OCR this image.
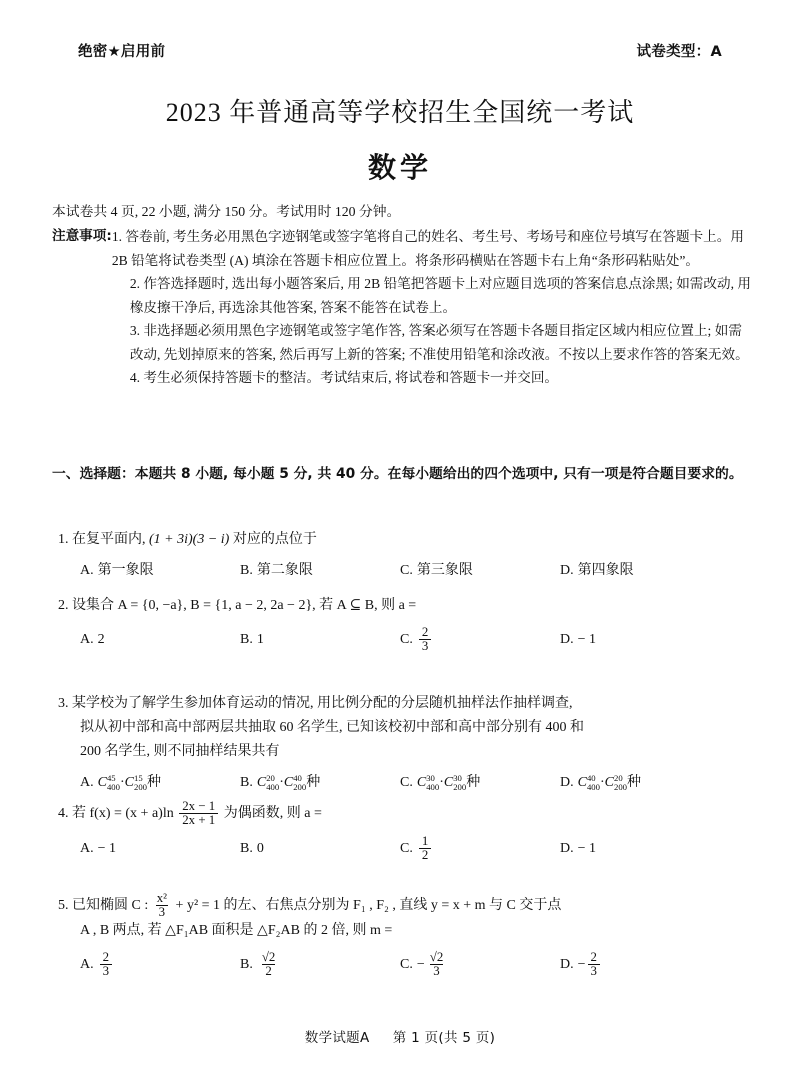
绝密★启用前	试卷类型：A
2023 年普通高等学校招生全国统一考试
数学
本试卷共 4 页, 22 小题, 满分 150 分。考试用时 120 分钟。
注意事项: 1. 答卷前, 考生务必用黑色字迹钢笔或签字笔将自己的姓名、考生号、考场号和座位号填写在答题卡上。用 2B 铅笔将试卷类型 (A) 填涂在答题卡相应位置上。将条形码横贴在答题卡右上角“条形码粘贴处”。
2. 作答选择题时, 选出每小题答案后, 用 2B 铅笔把答题卡上对应题目选项的答案信息点涂黑; 如需改动, 用橡皮擦干净后, 再选涂其他答案, 答案不能答在试卷上。
3. 非选择题必须用黑色字迹钢笔或签字笔作答, 答案必须写在答题卡各题目指定区域内相应位置上; 如需改动, 先划掉原来的答案, 然后再写上新的答案; 不准使用铅笔和涂改液。不按以上要求作答的答案无效。
4. 考生必须保持答题卡的整洁。考试结束后, 将试卷和答题卡一并交回。
一、选择题：本题共 8 小题, 每小题 5 分, 共 40 分。在每小题给出的四个选项中, 只有一项是符合题目要求的。
1. 在复平面内, (1 + 3i)(3 − i) 对应的点位于
A. 第一象限	B. 第二象限	C. 第三象限	D. 第四象限
2. 设集合 A = {0, −a}, B = {1, a − 2, 2a − 2}, 若 A ⊆ B, 则 a =
A. 2	B. 1	C. $\frac{2}{3}$	D. − 1
3. 某学校为了解学生参加体育运动的情况, 用比例分配的分层随机抽样法作抽样调查,
拟从初中部和高中部两层共抽取 60 名学生, 已知该校初中部和高中部分别有 400 和
200 名学生, 则不同抽样结果共有
A. C 45
400 · C 15
200 种	B. C 20
400 · C 40
200 种	C. C 30
400 · C 30
200 种	D. C 40
400 · C 20
200 种
4. 若 $f(x) = (x + a)\ln \frac{2x - 1}{2x + 1}$ 为偶函数, 则 a =
A. − 1	B. 0	C. $\frac{1}{2}$	D. − 1
5. 已知椭圆 C : $\frac{\text{x²}}{3} + y^2 = 1$ 的左、右焦点分别为 F₁ , F₂ , 直线 y = x + m 与 C 交于点
A , B 两点, 若 △F₁AB 面积是 △F₂AB 的 2 倍, 则 m =
A. $\frac{2}{3}$	B. $\frac{√2}{2}$	C. − $\frac{√2}{3}$	D. − $\frac{2}{3}$
数学试题A 第 1 页(共 5 页)
